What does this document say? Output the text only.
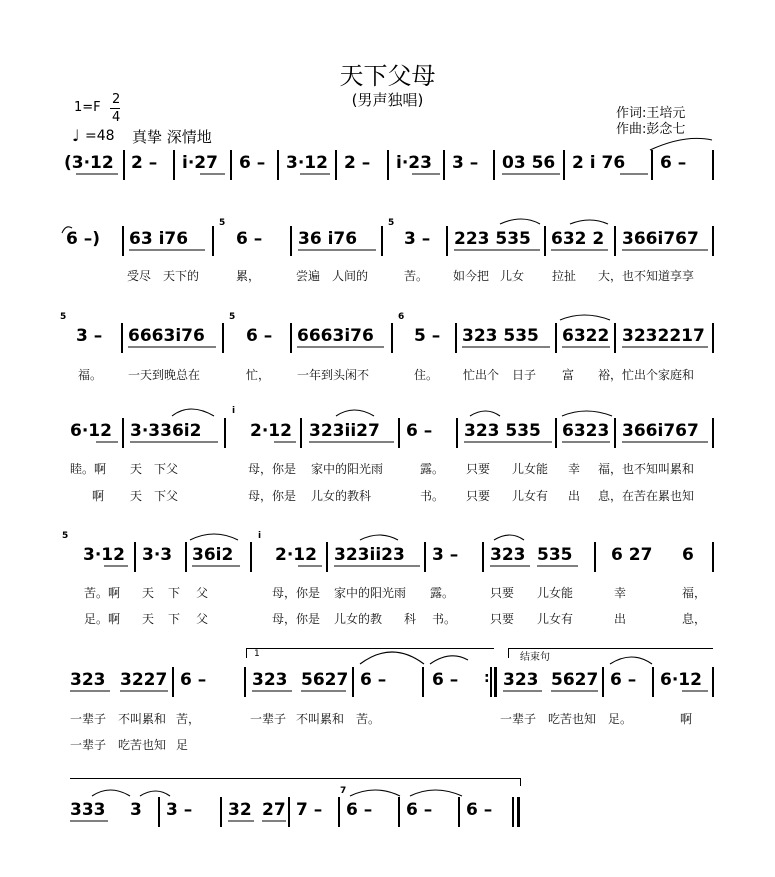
天下父母
(男声独唱)
1=F
2
4
♩ =48 真挚 深情地
作词:王培元
作曲:彭念七
(3·12 2 – i·27 6 – 3·12 2 – i·23 3 – 03 56 2 i 76 6 –
6 –) 63 i76
5
6 – 36 i76
5
3 – 223 535 632 2 366i767
受尽 天下的	累，	尝遍 人间的	苦。 如今把 儿女 拉扯 大，也不知道享享
5
3 – 6663i76
5
6 – 6663i76
6
5 – 323 535 6322 3232217
福。 一天到晚总在	忙， 一年到头闲不	住。 忙出个 日子 富 裕，忙出个家庭和
6·12 3·336i2
i
2·12 323ii27 6 – 323 535 6323 366i767
睦。啊 天 下父	母，你是 家中的阳光雨	露。 只要 儿女能 幸 福，也不知叫累和
啊 天 下父	母，你是 儿女的教科	书。 只要 儿女有 出 息，在苦在累也知
5
3·12 3·3 36i2
i
2·12 323ii23 3 – 323 535 6 27 6
苦。啊 天 下 父	母，你是 家中的阳光雨 露。	只要 儿女能	幸	福，
足。啊 天 下 父	母，你是 儿女的教 科 书。	只要 儿女有	出	息，
1	结束句
323 3227 6 –	323 5627 6 –	6 –	323 5627 6 – 6·12
:
一辈子 不叫累和 苦，	一辈子 不叫累和 苦。	一辈子 吃苦也知 足。	啊
一辈子 吃苦也知 足
333 3 3 – 32 27 7 –
7
6 – 6 – 6 –
